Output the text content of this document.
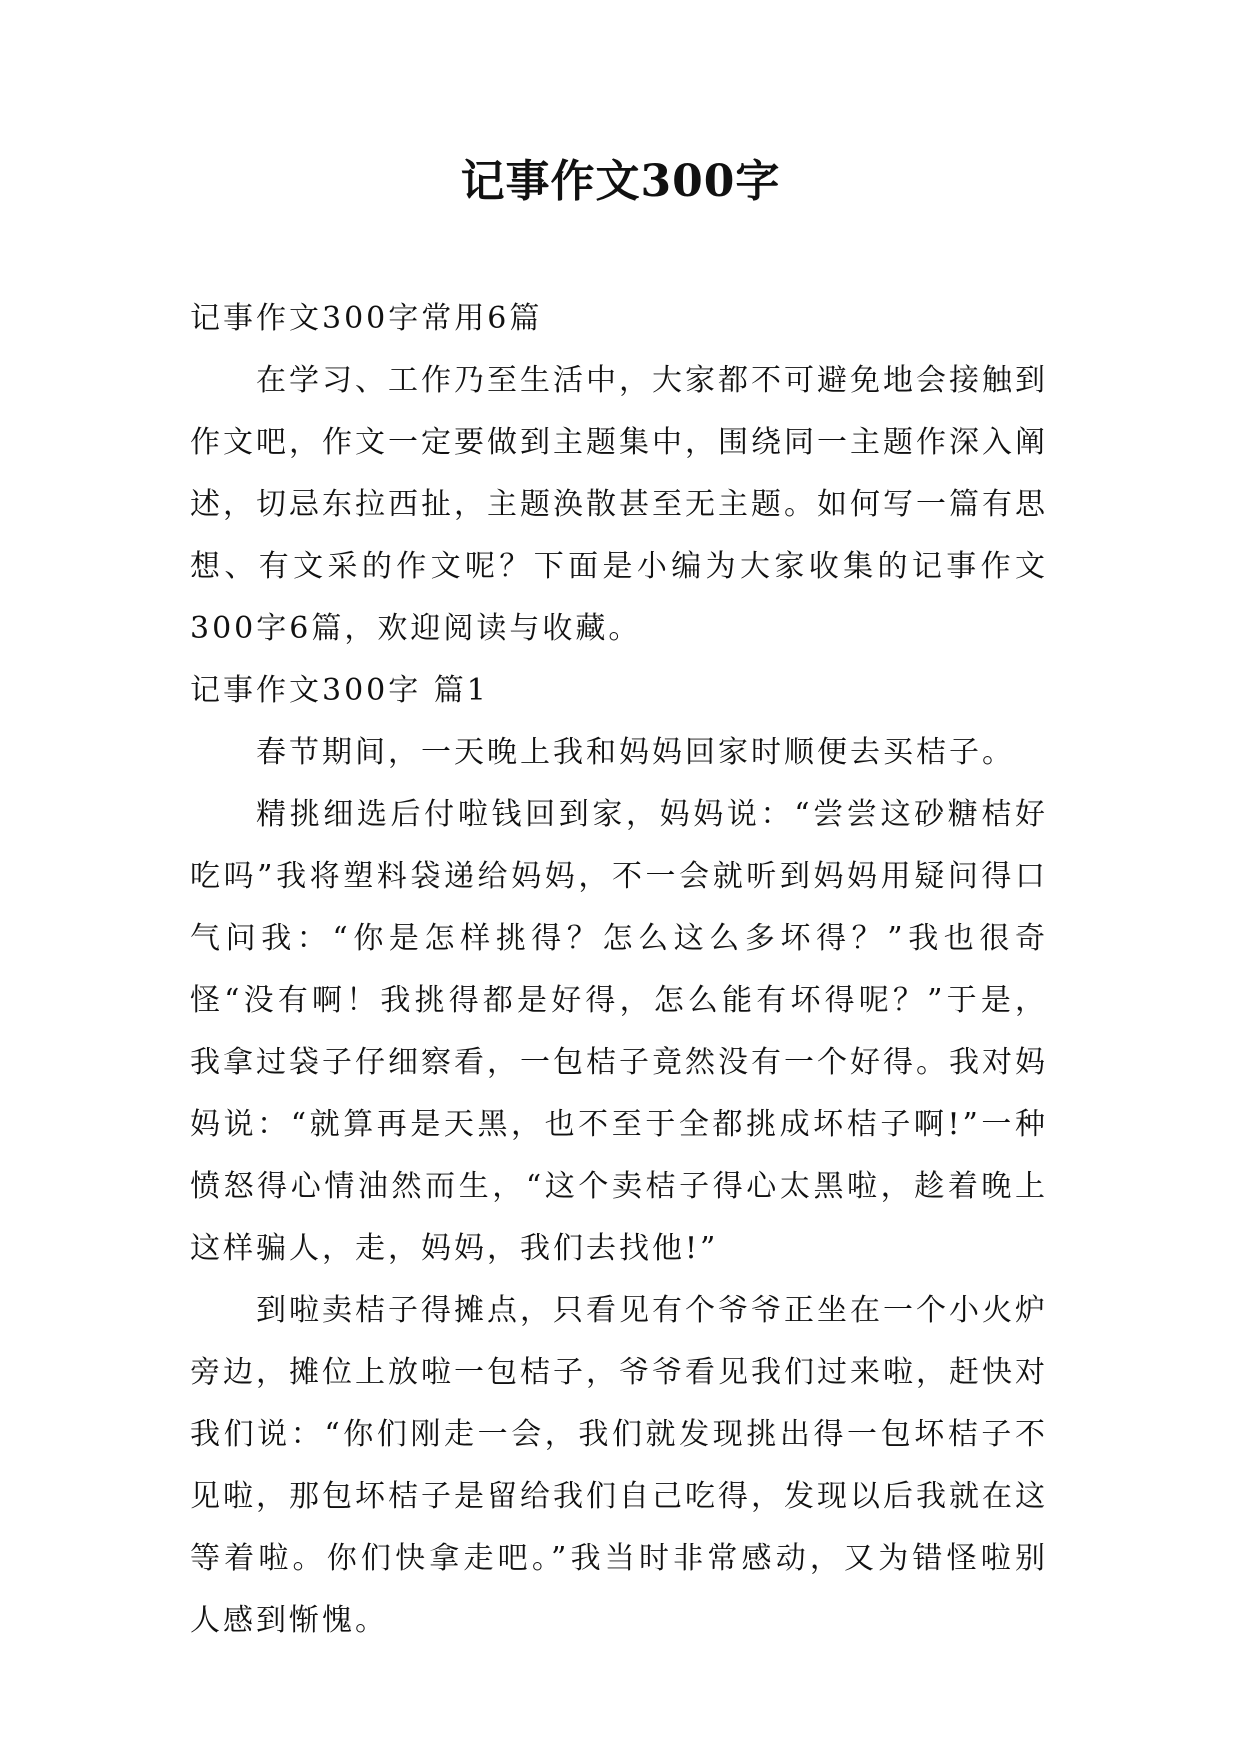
记事作文300字

记事作文300字常用6篇

在学习、工作乃至生活中，大家都不可避免地会接触到作文吧，作文一定要做到主题集中，围绕同一主题作深入阐述，切忌东拉西扯，主题涣散甚至无主题。如何写一篇有思想、有文采的作文呢？下面是小编为大家收集的记事作文300字6篇，欢迎阅读与收藏。

记事作文300字 篇1

春节期间，一天晚上我和妈妈回家时顺便去买桔子。

精挑细选后付啦钱回到家，妈妈说：“尝尝这砂糖桔好吃吗”我将塑料袋递给妈妈，不一会就听到妈妈用疑问得口气问我：“你是怎样挑得？怎么这么多坏得？”我也很奇怪“没有啊！我挑得都是好得，怎么能有坏得呢？”于是，我拿过袋子仔细察看，一包桔子竟然没有一个好得。我对妈妈说：“就算再是天黑，也不至于全都挑成坏桔子啊!”一种愤怒得心情油然而生，“这个卖桔子得心太黑啦，趁着晚上这样骗人，走，妈妈，我们去找他!”

到啦卖桔子得摊点，只看见有个爷爷正坐在一个小火炉旁边，摊位上放啦一包桔子，爷爷看见我们过来啦，赶快对我们说：“你们刚走一会，我们就发现挑出得一包坏桔子不见啦，那包坏桔子是留给我们自己吃得，发现以后我就在这等着啦。你们快拿走吧。”我当时非常感动，又为错怪啦别人感到惭愧。
